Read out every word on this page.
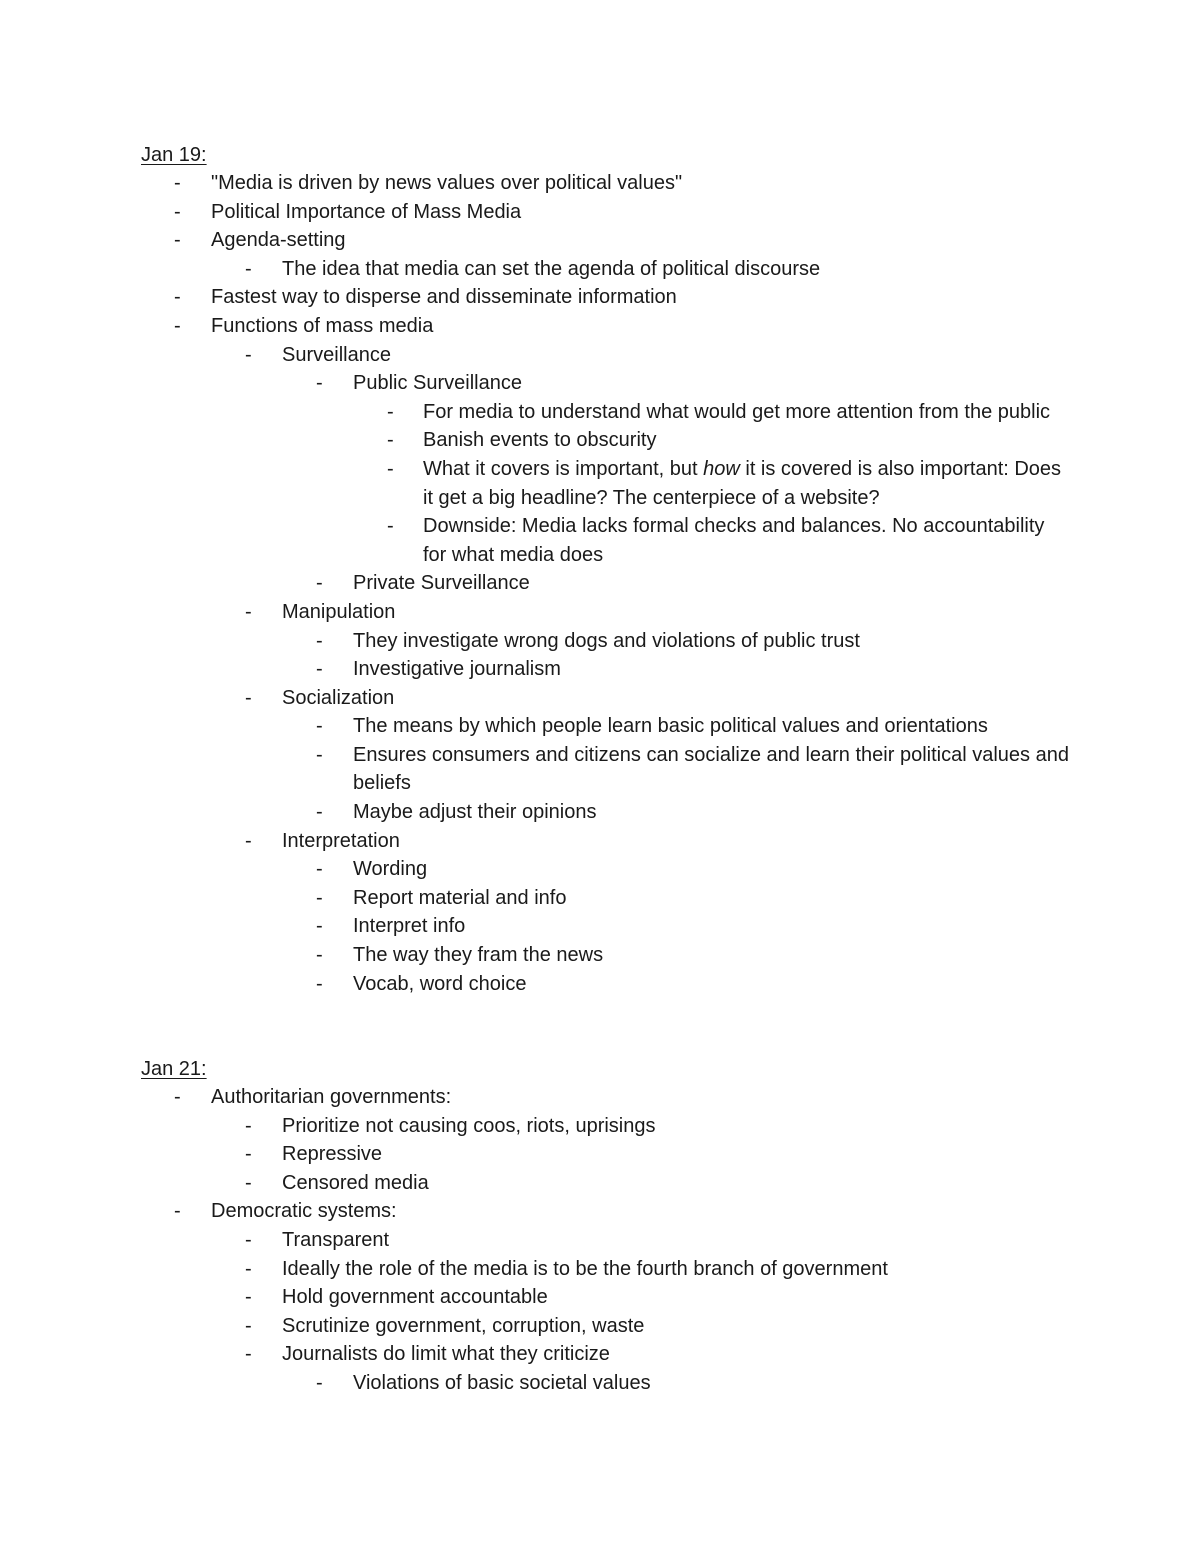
Jan 19:
-	"Media is driven by news values over political values"
-	Political Importance of Mass Media
-	Agenda-setting
-	The idea that media can set the agenda of political discourse
-	Fastest way to disperse and disseminate information
-	Functions of mass media
-	Surveillance
-	Public Surveillance
-	For media to understand what would get more attention from the public
-	Banish events to obscurity
-	What it covers is important, but how it is covered is also important: Does it get a big headline? The centerpiece of a website?
-	Downside: Media lacks formal checks and balances. No accountability for what media does
-	Private Surveillance
-	Manipulation
-	They investigate wrong dogs and violations of public trust
-	Investigative journalism
-	Socialization
-	The means by which people learn basic political values and orientations
-	Ensures consumers and citizens can socialize and learn their political values and beliefs
-	Maybe adjust their opinions
-	Interpretation
-	Wording
-	Report material and info
-	Interpret info
-	The way they fram the news
-	Vocab, word choice
Jan 21:
-	Authoritarian governments:
-	Prioritize not causing coos, riots, uprisings
-	Repressive
-	Censored media
-	Democratic systems:
-	Transparent
-	Ideally the role of the media is to be the fourth branch of government
-	Hold government accountable
-	Scrutinize government, corruption, waste
-	Journalists do limit what they criticize
-	Violations of basic societal values
